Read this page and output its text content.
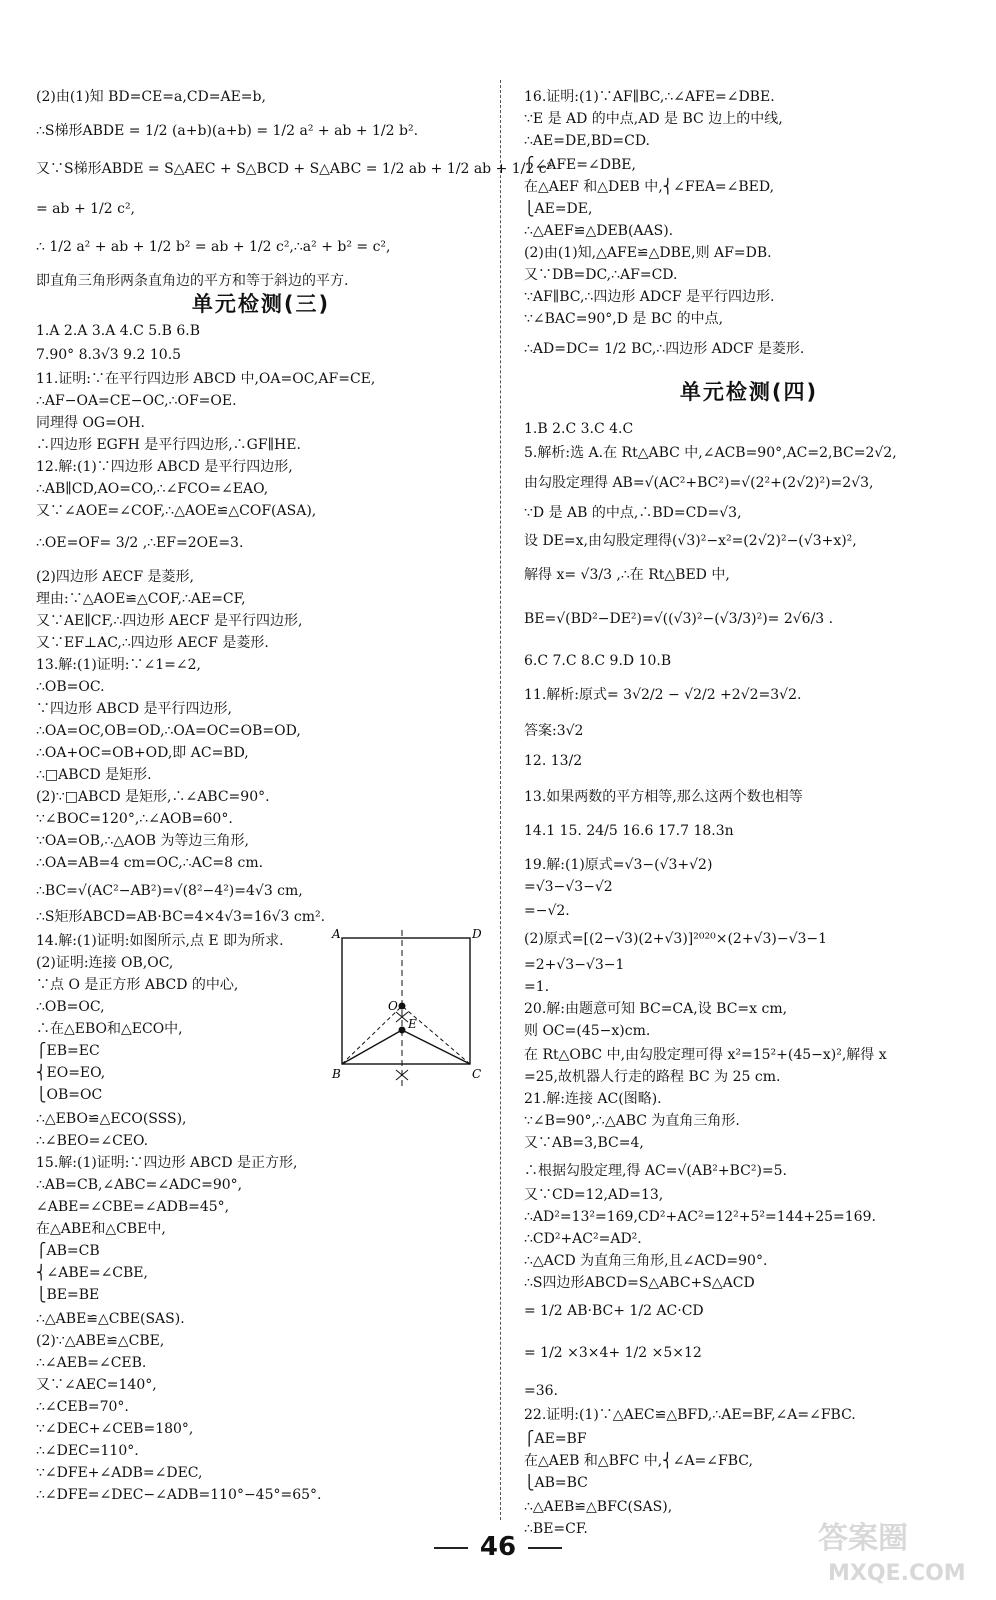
(2)由(1)知 BD=CE=a,CD=AE=b,
∴S梯形ABDE = 1/2 (a+b)(a+b) = 1/2 a² + ab + 1/2 b².
又∵S梯形ABDE = S△AEC + S△BCD + S△ABC = 1/2 ab + 1/2 ab + 1/2 c²
= ab + 1/2 c²,
∴ 1/2 a² + ab + 1/2 b² = ab + 1/2 c²,∴a² + b² = c²,
即直角三角形两条直角边的平方和等于斜边的平方.
1.A 2.A 3.A 4.C 5.B 6.B
7.90° 8.3√3 9.2 10.5
11.证明:∵在平行四边形 ABCD 中,OA=OC,AF=CE,
∴AF−OA=CE−OC,∴OF=OE.
同理得 OG=OH.
∴四边形 EGFH 是平行四边形,∴GF∥HE.
12.解:(1)∵四边形 ABCD 是平行四边形,
∴AB∥CD,AO=CO,∴∠FCO=∠EAO,
又∵∠AOE=∠COF,∴△AOE≌△COF(ASA),
∴OE=OF= 3/2 ,∴EF=2OE=3.
(2)四边形 AECF 是菱形,
理由:∵△AOE≌△COF,∴AE=CF,
又∵AE∥CF,∴四边形 AECF 是平行四边形,
又∵EF⊥AC,∴四边形 AECF 是菱形.
13.解:(1)证明:∵∠1=∠2,
∴OB=OC.
∵四边形 ABCD 是平行四边形,
∴OA=OC,OB=OD,∴OA=OC=OB=OD,
∴OA+OC=OB+OD,即 AC=BD,
∴□ABCD 是矩形.
(2)∵□ABCD 是矩形,∴∠ABC=90°.
∵∠BOC=120°,∴∠AOB=60°.
∵OA=OB,∴△AOB 为等边三角形,
∴OA=AB=4 cm=OC,∴AC=8 cm.
∴BC=√(AC²−AB²)=√(8²−4²)=4√3 cm,
∴S矩形ABCD=AB·BC=4×4√3=16√3 cm².
14.解:(1)证明:如图所示,点 E 即为所求.
(2)证明:连接 OB,OC,
∵点 O 是正方形 ABCD 的中心,
∴OB=OC,
∴在△EBO和△ECO中,
⎧EB=EC
⎨EO=EO,
⎩OB=OC
∴△EBO≌△ECO(SSS),
∴∠BEO=∠CEO.
15.解:(1)证明:∵四边形 ABCD 是正方形,
∴AB=CB,∠ABC=∠ADC=90°,
∠ABE=∠CBE=∠ADB=45°,
在△ABE和△CBE中,
⎧AB=CB
⎨∠ABE=∠CBE,
⎩BE=BE
∴△ABE≌△CBE(SAS).
(2)∵△ABE≌△CBE,
∴∠AEB=∠CEB.
又∵∠AEC=140°,
∴∠CEB=70°.
∵∠DEC+∠CEB=180°,
∴∠DEC=110°.
∵∠DFE+∠ADB=∠DEC,
∴∠DFE=∠DEC−∠ADB=110°−45°=65°.
单元检测(三)
16.证明:(1)∵AF∥BC,∴∠AFE=∠DBE.
∵E 是 AD 的中点,AD 是 BC 边上的中线,
∴AE=DE,BD=CD.
⎧∠AFE=∠DBE,
在△AEF 和△DEB 中,⎨∠FEA=∠BED,
⎩AE=DE,
∴△AEF≌△DEB(AAS).
(2)由(1)知,△AFE≌△DBE,则 AF=DB.
又∵DB=DC,∴AF=CD.
∵AF∥BC,∴四边形 ADCF 是平行四边形.
∵∠BAC=90°,D 是 BC 的中点,
∴AD=DC= 1/2 BC,∴四边形 ADCF 是菱形.
1.B 2.C 3.C 4.C
5.解析:选 A.在 Rt△ABC 中,∠ACB=90°,AC=2,BC=2√2,
由勾股定理得 AB=√(AC²+BC²)=√(2²+(2√2)²)=2√3,
∵D 是 AB 的中点,∴BD=CD=√3,
设 DE=x,由勾股定理得(√3)²−x²=(2√2)²−(√3+x)²,
解得 x= √3/3 ,∴在 Rt△BED 中,
BE=√(BD²−DE²)=√((√3)²−(√3/3)²)= 2√6/3 .
6.C 7.C 8.C 9.D 10.B
11.解析:原式= 3√2/2 − √2/2 +2√2=3√2.
答案:3√2
12. 13/2
13.如果两数的平方相等,那么这两个数也相等
14.1 15. 24/5 16.6 17.7 18.3n
19.解:(1)原式=√3−(√3+√2)
=√3−√3−√2
=−√2.
(2)原式=[(2−√3)(2+√3)]²⁰²⁰×(2+√3)−√3−1
=2+√3−√3−1
=1.
20.解:由题意可知 BC=CA,设 BC=x cm,
则 OC=(45−x)cm.
在 Rt△OBC 中,由勾股定理可得 x²=15²+(45−x)²,解得 x
=25,故机器人行走的路程 BC 为 25 cm.
21.解:连接 AC(图略).
∵∠B=90°,∴△ABC 为直角三角形.
又∵AB=3,BC=4,
∴根据勾股定理,得 AC=√(AB²+BC²)=5.
又∵CD=12,AD=13,
∴AD²=13²=169,CD²+AC²=12²+5²=144+25=169.
∴CD²+AC²=AD².
∴△ACD 为直角三角形,且∠ACD=90°.
∴S四边形ABCD=S△ABC+S△ACD
= 1/2 AB·BC+ 1/2 AC·CD
= 1/2 ×3×4+ 1/2 ×5×12
=36.
22.证明:(1)∵△AEC≌△BFD,∴AE=BF,∠A=∠FBC.
⎧AE=BF
在△AEB 和△BFC 中,⎨∠A=∠FBC,
⎩AB=BC
∴△AEB≌△BFC(SAS),
∴BE=CF.
单元检测(四)
A	D
B	C
O
E
46	答案圈
MXQE.COM
